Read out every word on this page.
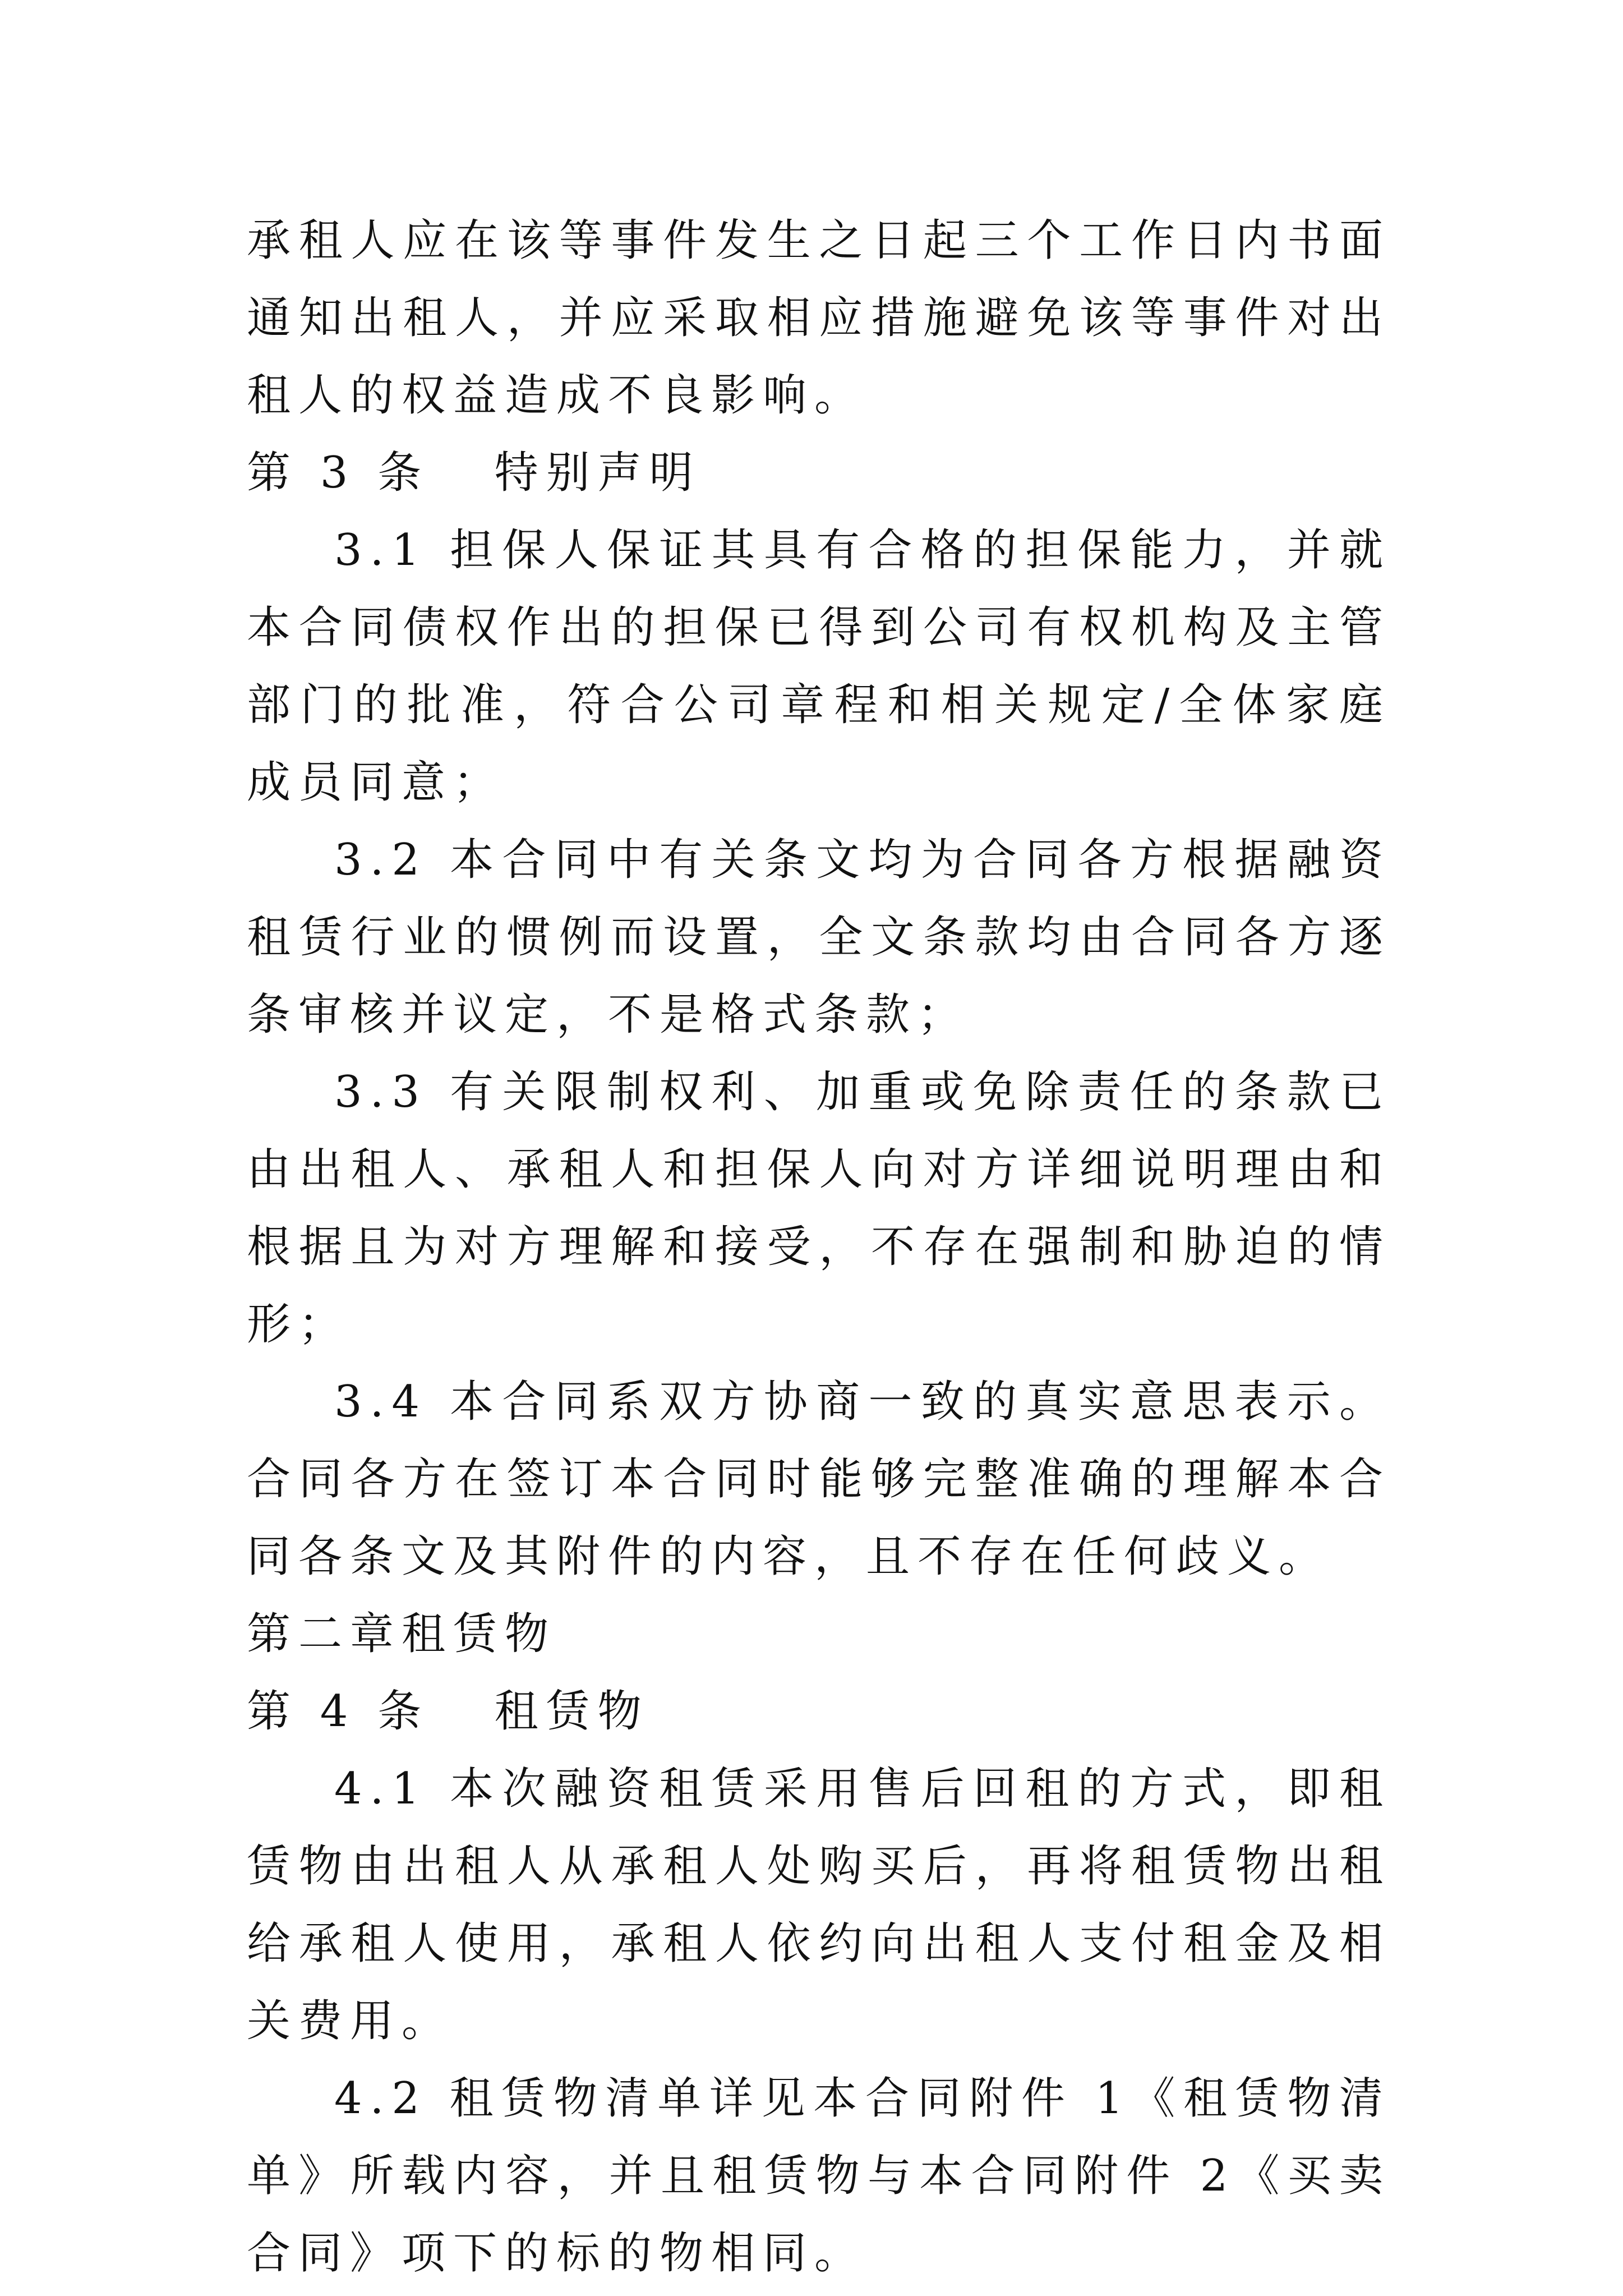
承租人应在该等事件发生之日起三个工作日内书面通知出租人，并应采取相应措施避免该等事件对出租人的权益造成不良影响。

第 3 条   特别声明

3.1 担保人保证其具有合格的担保能力，并就本合同债权作出的担保已得到公司有权机构及主管部门的批准，符合公司章程和相关规定/全体家庭成员同意；

3.2 本合同中有关条文均为合同各方根据融资租赁行业的惯例而设置，全文条款均由合同各方逐条审核并议定，不是格式条款；

3.3 有关限制权利、加重或免除责任的条款已由出租人、承租人和担保人向对方详细说明理由和根据且为对方理解和接受，不存在强制和胁迫的情形；

3.4 本合同系双方协商一致的真实意思表示。合同各方在签订本合同时能够完整准确的理解本合同各条文及其附件的内容，且不存在任何歧义。

第二章租赁物

第 4 条   租赁物

4.1 本次融资租赁采用售后回租的方式，即租赁物由出租人从承租人处购买后，再将租赁物出租给承租人使用，承租人依约向出租人支付租金及相关费用。

4.2 租赁物清单详见本合同附件 1《租赁物清单》所载内容，并且租赁物与本合同附件 2《买卖合同》项下的标的物相同。
